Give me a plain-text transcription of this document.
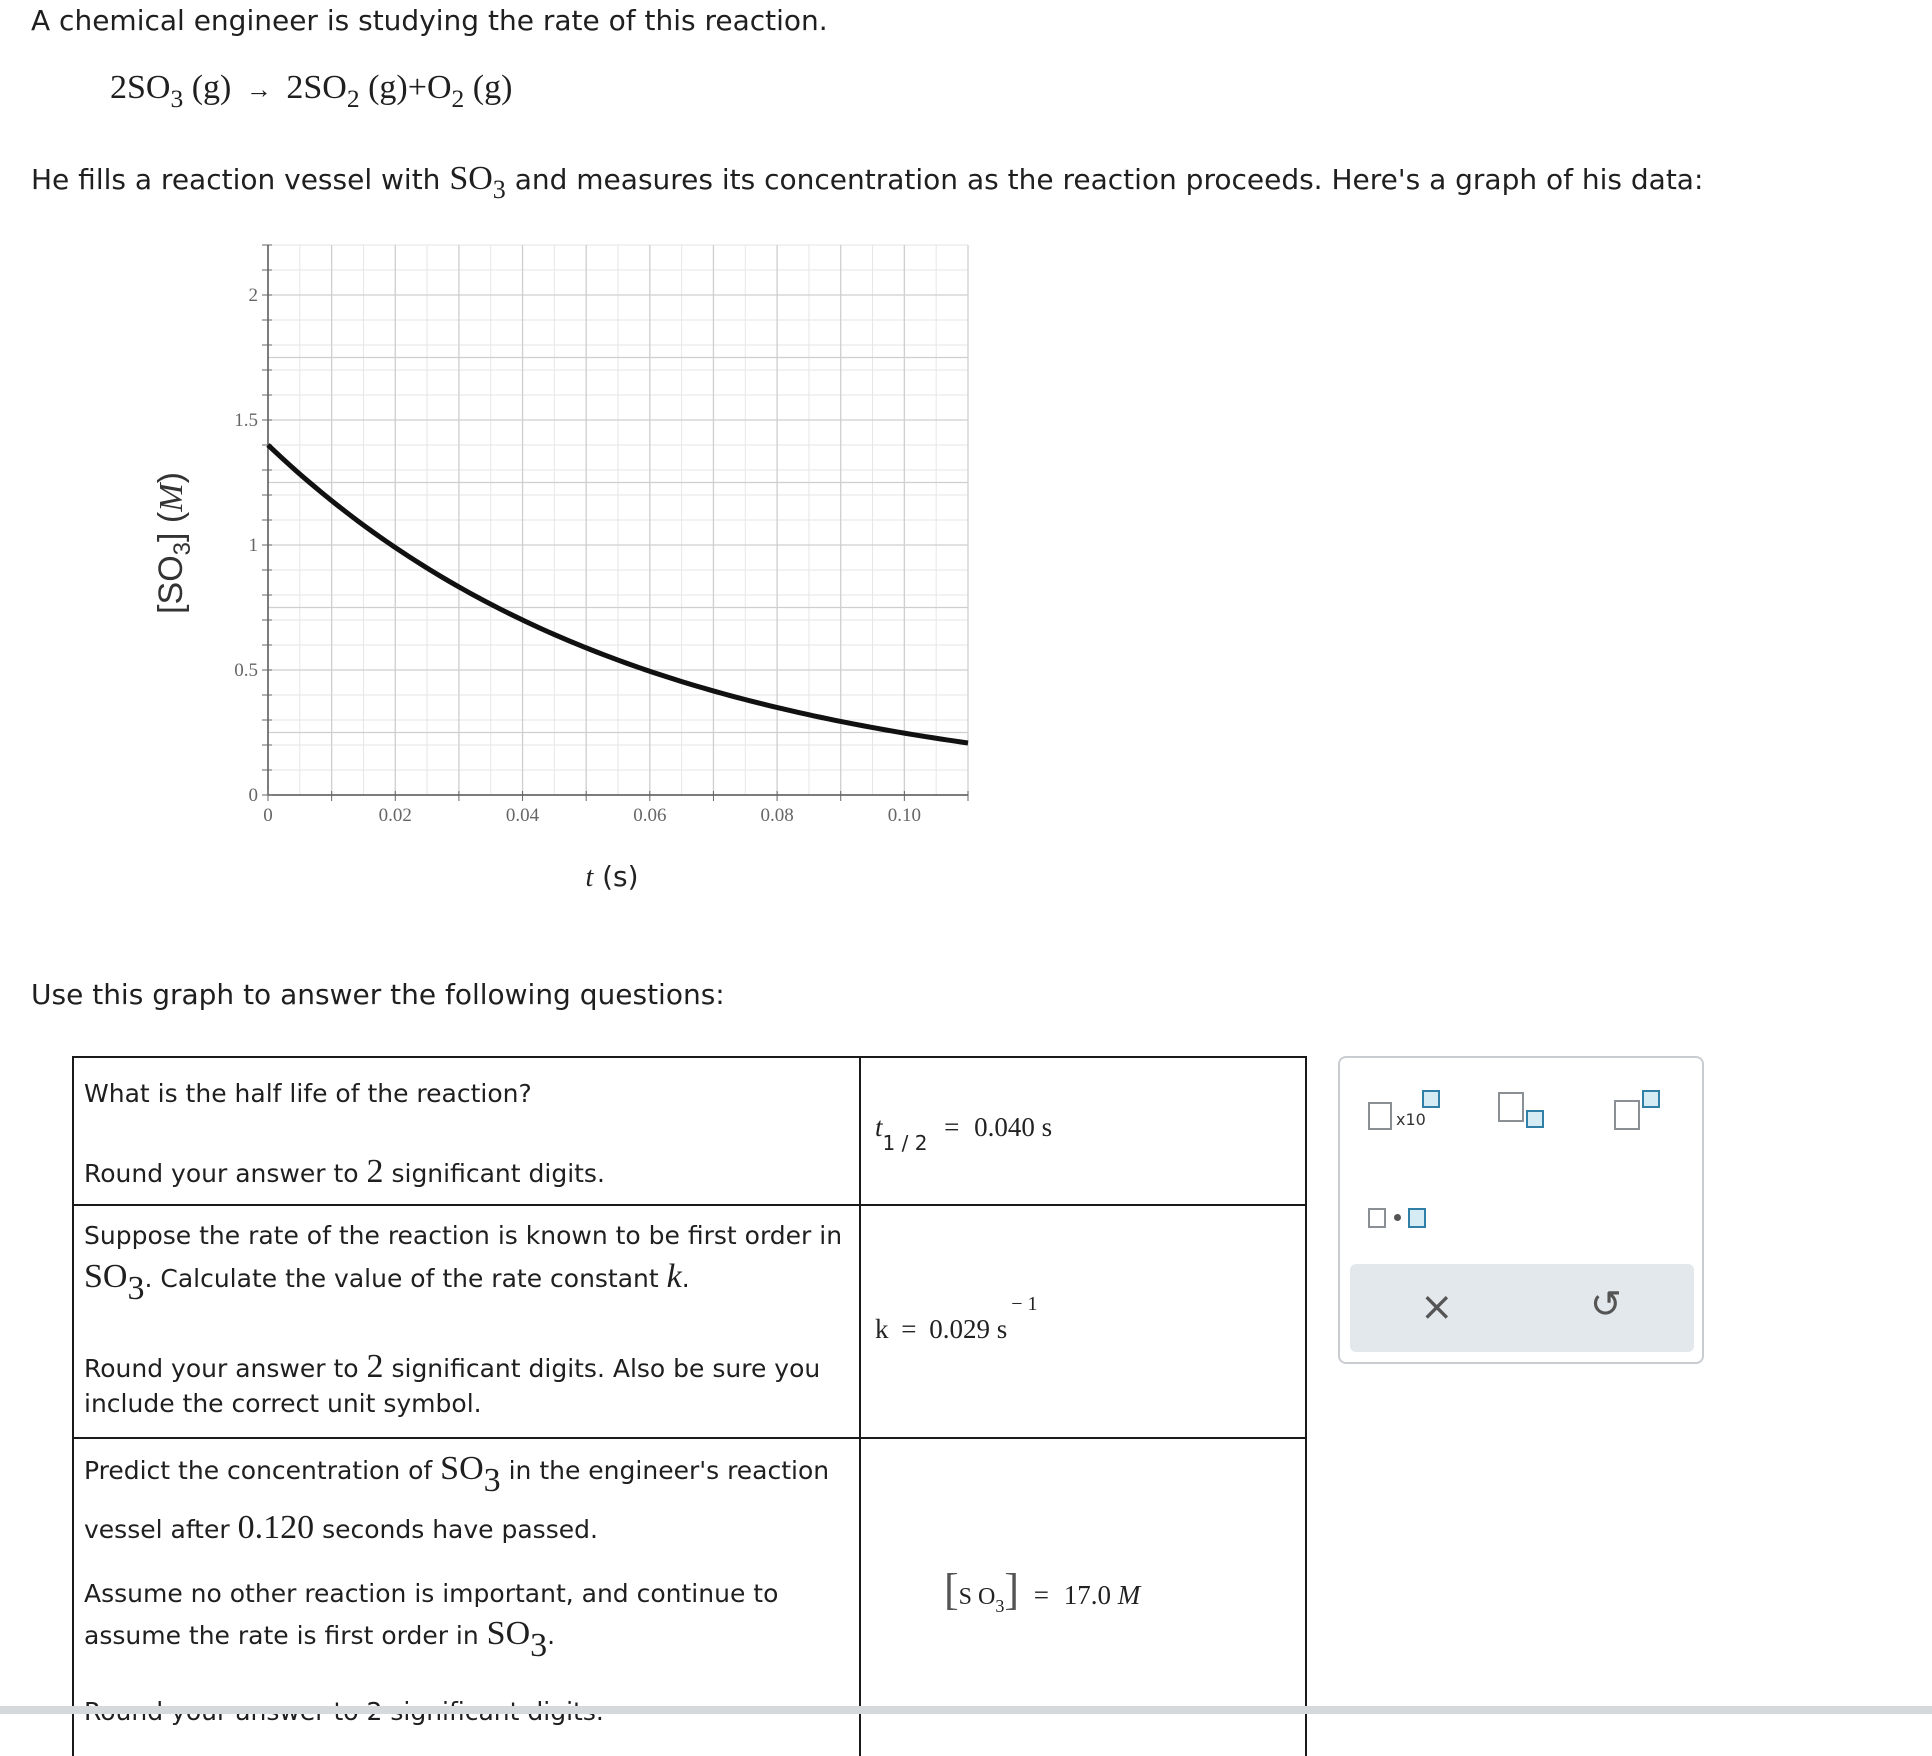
A chemical engineer is studying the rate of this reaction.
$2SO_3$ $(g) \to 2SO_2$ $(g)+O_2$ (g)
He fills a reaction vessel with SO3 and measures its concentration as the reaction proceeds. Here's a graph of his data:
0	0.02	0.04	0.06	0.08	0.10
0
0.5
1
1.5
2
$[SO_3]$ (M)
t (s)
Use this graph to answer the following questions:
What is the half life of the reaction?
Round your answer to 2 significant digits.
$t_{1 / 2} = 0.040$ s
Suppose the rate of the reaction is known to be first order in
SO3. Calculate the value of the rate constant k.
Round your answer to 2 significant digits. Also be sure you
include the correct unit symbol.
k = 0.029 $s^{- 1}$
Predict the concentration of SO3 in the engineer's reaction
vessel after 0.120 seconds have passed.
Assume no other reaction is important, and continue to
assume the rate is first order in SO3.
[S $O_3] = 17.0$ M
x10
×	↺
